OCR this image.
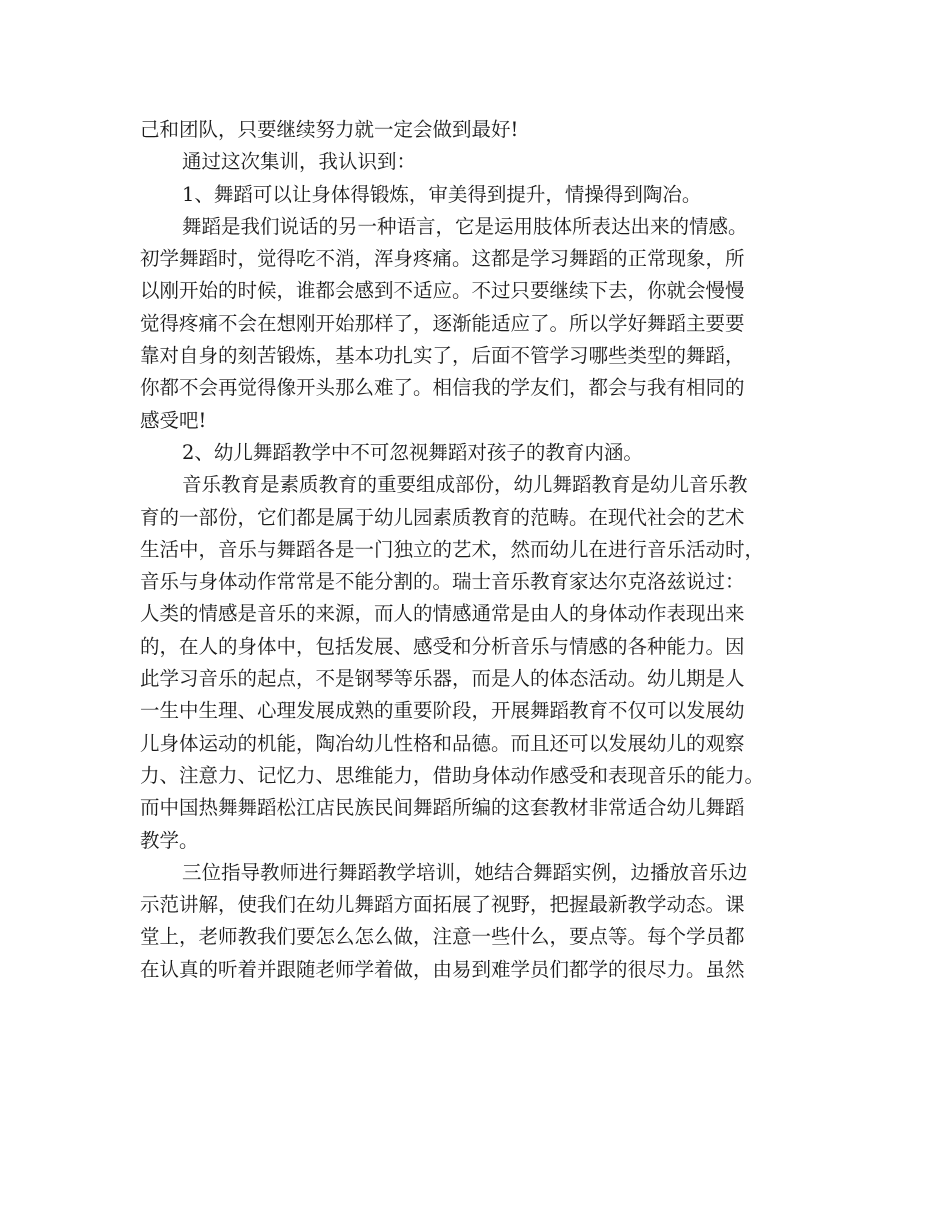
己和团队，只要继续努力就一定会做到最好!
通过这次集训，我认识到：
1、舞蹈可以让身体得锻炼，审美得到提升，情操得到陶冶。
舞蹈是我们说话的另一种语言，它是运用肢体所表达出来的情感。
初学舞蹈时，觉得吃不消，浑身疼痛。这都是学习舞蹈的正常现象，所
以刚开始的时候，谁都会感到不适应。不过只要继续下去，你就会慢慢
觉得疼痛不会在想刚开始那样了，逐渐能适应了。所以学好舞蹈主要要
靠对自身的刻苦锻炼，基本功扎实了，后面不管学习哪些类型的舞蹈，
你都不会再觉得像开头那么难了。相信我的学友们，都会与我有相同的
感受吧!
2、幼儿舞蹈教学中不可忽视舞蹈对孩子的教育内涵。
音乐教育是素质教育的重要组成部份，幼儿舞蹈教育是幼儿音乐教
育的一部份，它们都是属于幼儿园素质教育的范畴。在现代社会的艺术
生活中，音乐与舞蹈各是一门独立的艺术，然而幼儿在进行音乐活动时，
音乐与身体动作常常是不能分割的。瑞士音乐教育家达尔克洛兹说过：
人类的情感是音乐的来源，而人的情感通常是由人的身体动作表现出来
的，在人的身体中，包括发展、感受和分析音乐与情感的各种能力。因
此学习音乐的起点，不是钢琴等乐器，而是人的体态活动。幼儿期是人
一生中生理、心理发展成熟的重要阶段，开展舞蹈教育不仅可以发展幼
儿身体运动的机能，陶冶幼儿性格和品德。而且还可以发展幼儿的观察
力、注意力、记忆力、思维能力，借助身体动作感受和表现音乐的能力。
而中国热舞舞蹈松江店民族民间舞蹈所编的这套教材非常适合幼儿舞蹈
教学。
三位指导教师进行舞蹈教学培训，她结合舞蹈实例，边播放音乐边
示范讲解，使我们在幼儿舞蹈方面拓展了视野，把握最新教学动态。课
堂上，老师教我们要怎么怎么做，注意一些什么，要点等。每个学员都
在认真的听着并跟随老师学着做，由易到难学员们都学的很尽力。虽然
